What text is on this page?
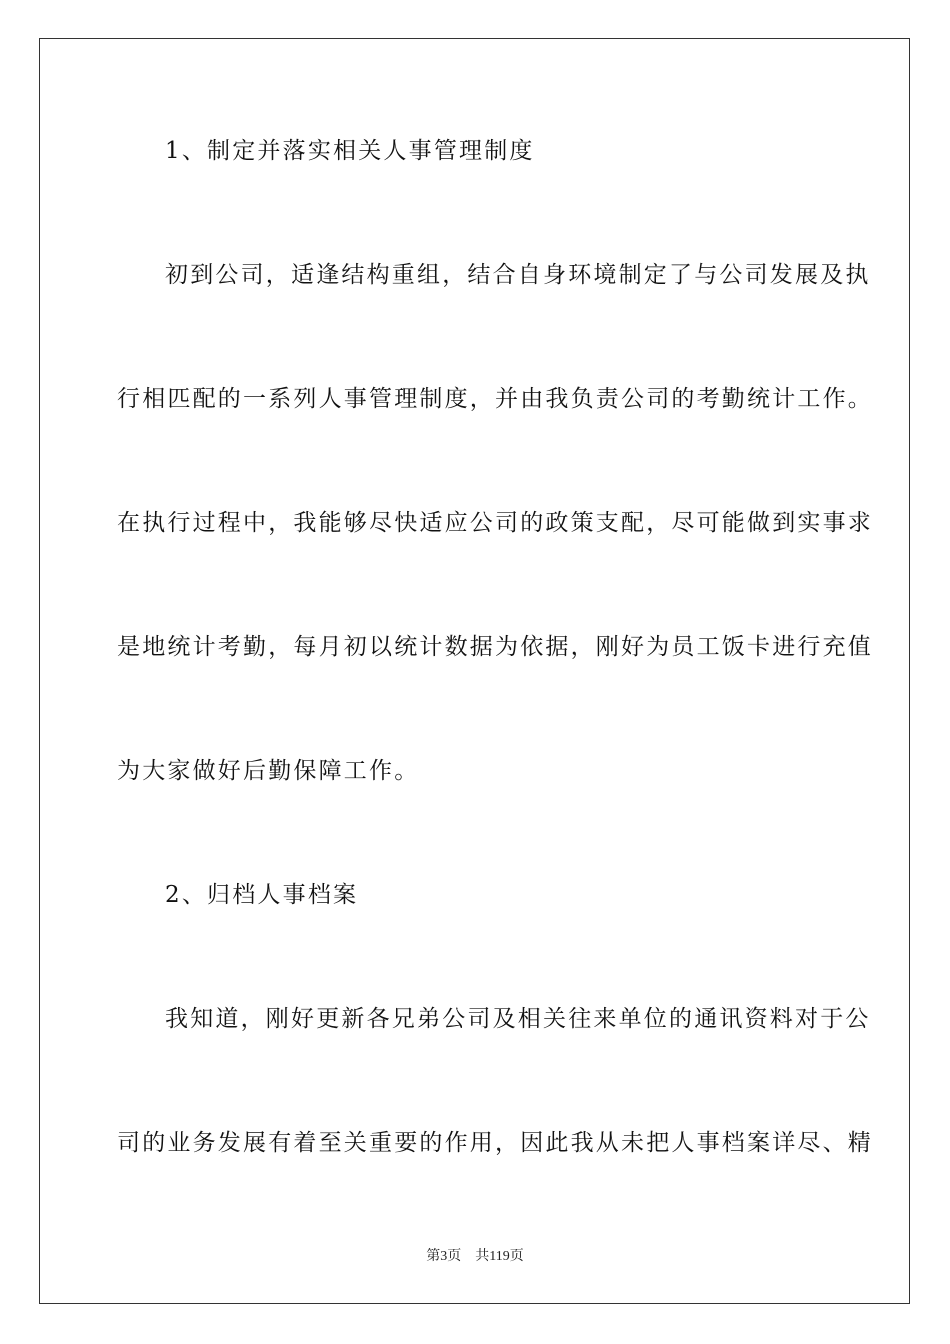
1、制定并落实相关人事管理制度
初到公司，适逢结构重组，结合自身环境制定了与公司发展及执
行相匹配的一系列人事管理制度，并由我负责公司的考勤统计工作。
在执行过程中，我能够尽快适应公司的政策支配，尽可能做到实事求
是地统计考勤，每月初以统计数据为依据，刚好为员工饭卡进行充值
为大家做好后勤保障工作。
2、归档人事档案
我知道，刚好更新各兄弟公司及相关往来单位的通讯资料对于公
司的业务发展有着至关重要的作用，因此我从未把人事档案详尽、精
第3页 共119页
